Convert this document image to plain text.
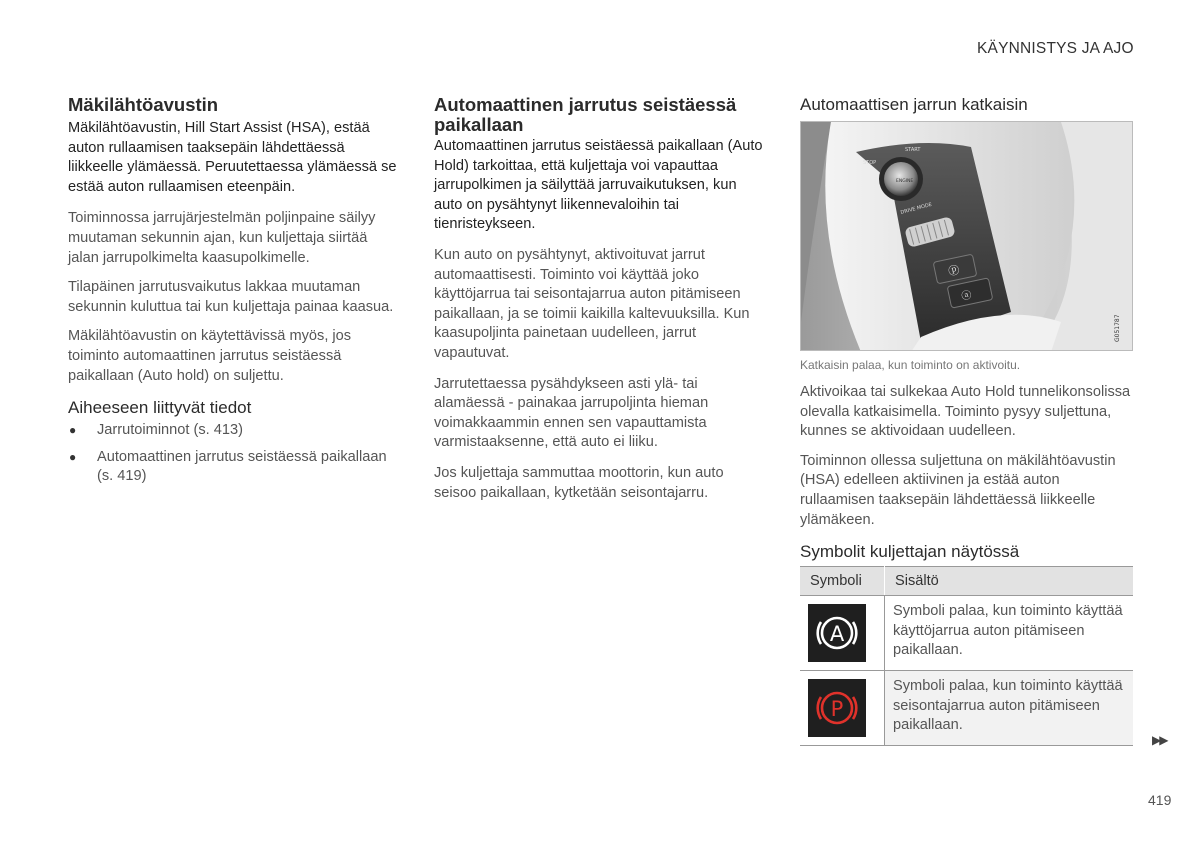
KÄYNNISTYS JA AJO
Mäkilähtöavustin

Mäkilähtöavustin, Hill Start Assist (HSA), estää auton rullaamisen taaksepäin lähdettäessä liikkeelle ylämäessä. Peruutettaessa ylämäessä se estää auton rullaamisen eteenpäin.

Toiminnossa jarrujärjestelmän poljinpaine säilyy muutaman sekunnin ajan, kun kuljettaja siirtää jalan jarrupolkimelta kaasupolkimelle.

Tilapäinen jarrutusvaikutus lakkaa muutaman sekunnin kuluttua tai kun kuljettaja painaa kaasua.

Mäkilähtöavustin on käytettävissä myös, jos toiminto automaattinen jarrutus seistäessä paikallaan (Auto hold) on suljettu.

Aiheeseen liittyvät tiedot
● Jarrutoiminnot (s. 413)
● Automaattinen jarrutus seistäessä paikallaan (s. 419)
Automaattinen jarrutus seistäessä paikallaan

Automaattinen jarrutus seistäessä paikallaan (Auto Hold) tarkoittaa, että kuljettaja voi vapauttaa jarrupolkimen ja säilyttää jarruvaikutuksen, kun auto on pysähtynyt liikennevaloihin tai tienristeykseen.

Kun auto on pysähtynyt, aktivoituvat jarrut automaattisesti. Toiminto voi käyttää joko käyttöjarrua tai seisontajarrua auton pitämiseen paikallaan, ja se toimii kaikilla kaltevuuksilla. Kun kaasupoljinta painetaan uudelleen, jarrut vapautuvat.

Jarrutettaessa pysähdykseen asti ylä- tai alamäessä - painakaa jarrupoljinta hieman voimakkaammin ennen sen vapauttamista varmistaaksenne, että auto ei liiku.

Jos kuljettaja sammuttaa moottorin, kun auto seisoo paikallaan, kytketään seisontajarru.

Automaattisen jarrun katkaisin
STOP
START
ENGINE
DRIVE MODE
ⓟ
ⓐ
G051787
Katkaisin palaa, kun toiminto on aktivoitu.

Aktivoikaa tai sulkekaa Auto Hold tunnelikonsolissa olevalla katkaisimella. Toiminto pysyy suljettuna, kunnes se aktivoidaan uudelleen.

Toiminnon ollessa suljettuna on mäkilähtöavustin (HSA) edelleen aktiivinen ja estää auton rullaamisen taaksepäin lähdettäessä liikkeelle ylämäkeen.

Symbolit kuljettajan näytössä
Symboli	Sisältö

A	Symboli palaa, kun toiminto käyttää käyttöjarrua auton pitämiseen paikallaan.

P	Symboli palaa, kun toiminto käyttää seisontajarrua auton pitämiseen paikallaan.
▶▶
419
